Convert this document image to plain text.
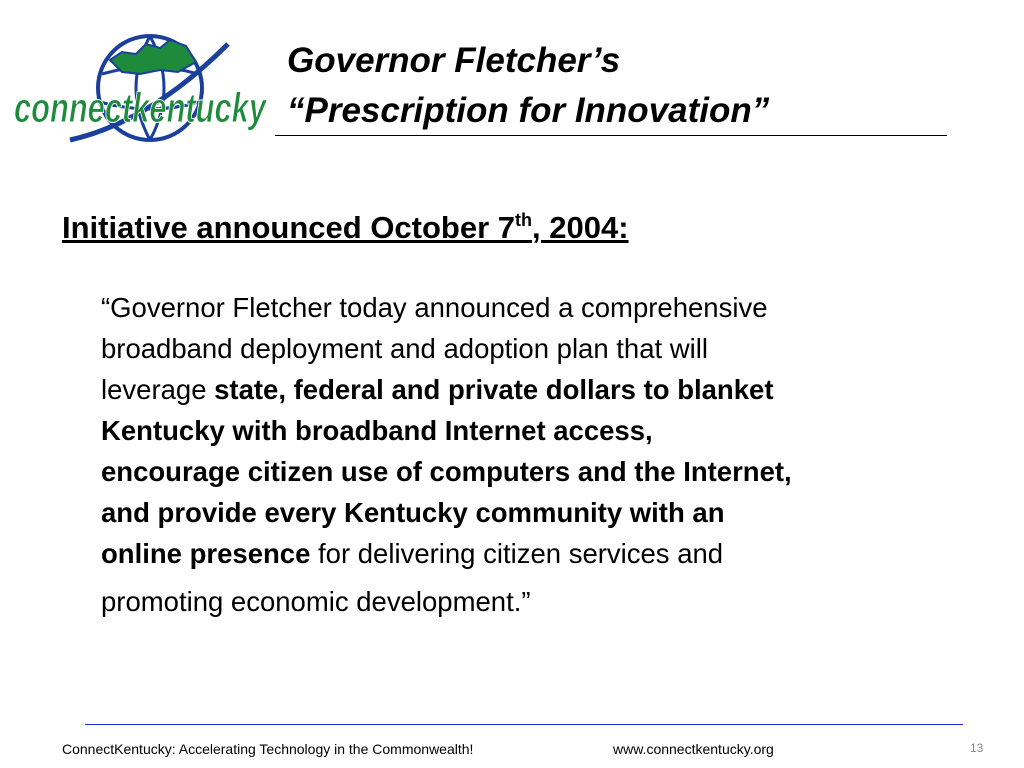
connectkentucky
Governor Fletcher’s
“Prescription for Innovation”
Initiative announced October 7th, 2004:
“Governor Fletcher today announced a comprehensive
broadband deployment and adoption plan that will
leverage state, federal and private dollars to blanket
Kentucky with broadband Internet access,
encourage citizen use of computers and the Internet,
and provide every Kentucky community with an
online presence for delivering citizen services and
promoting economic development.”
ConnectKentucky: Accelerating Technology in the Commonwealth!	www.connectkentucky.org	13
